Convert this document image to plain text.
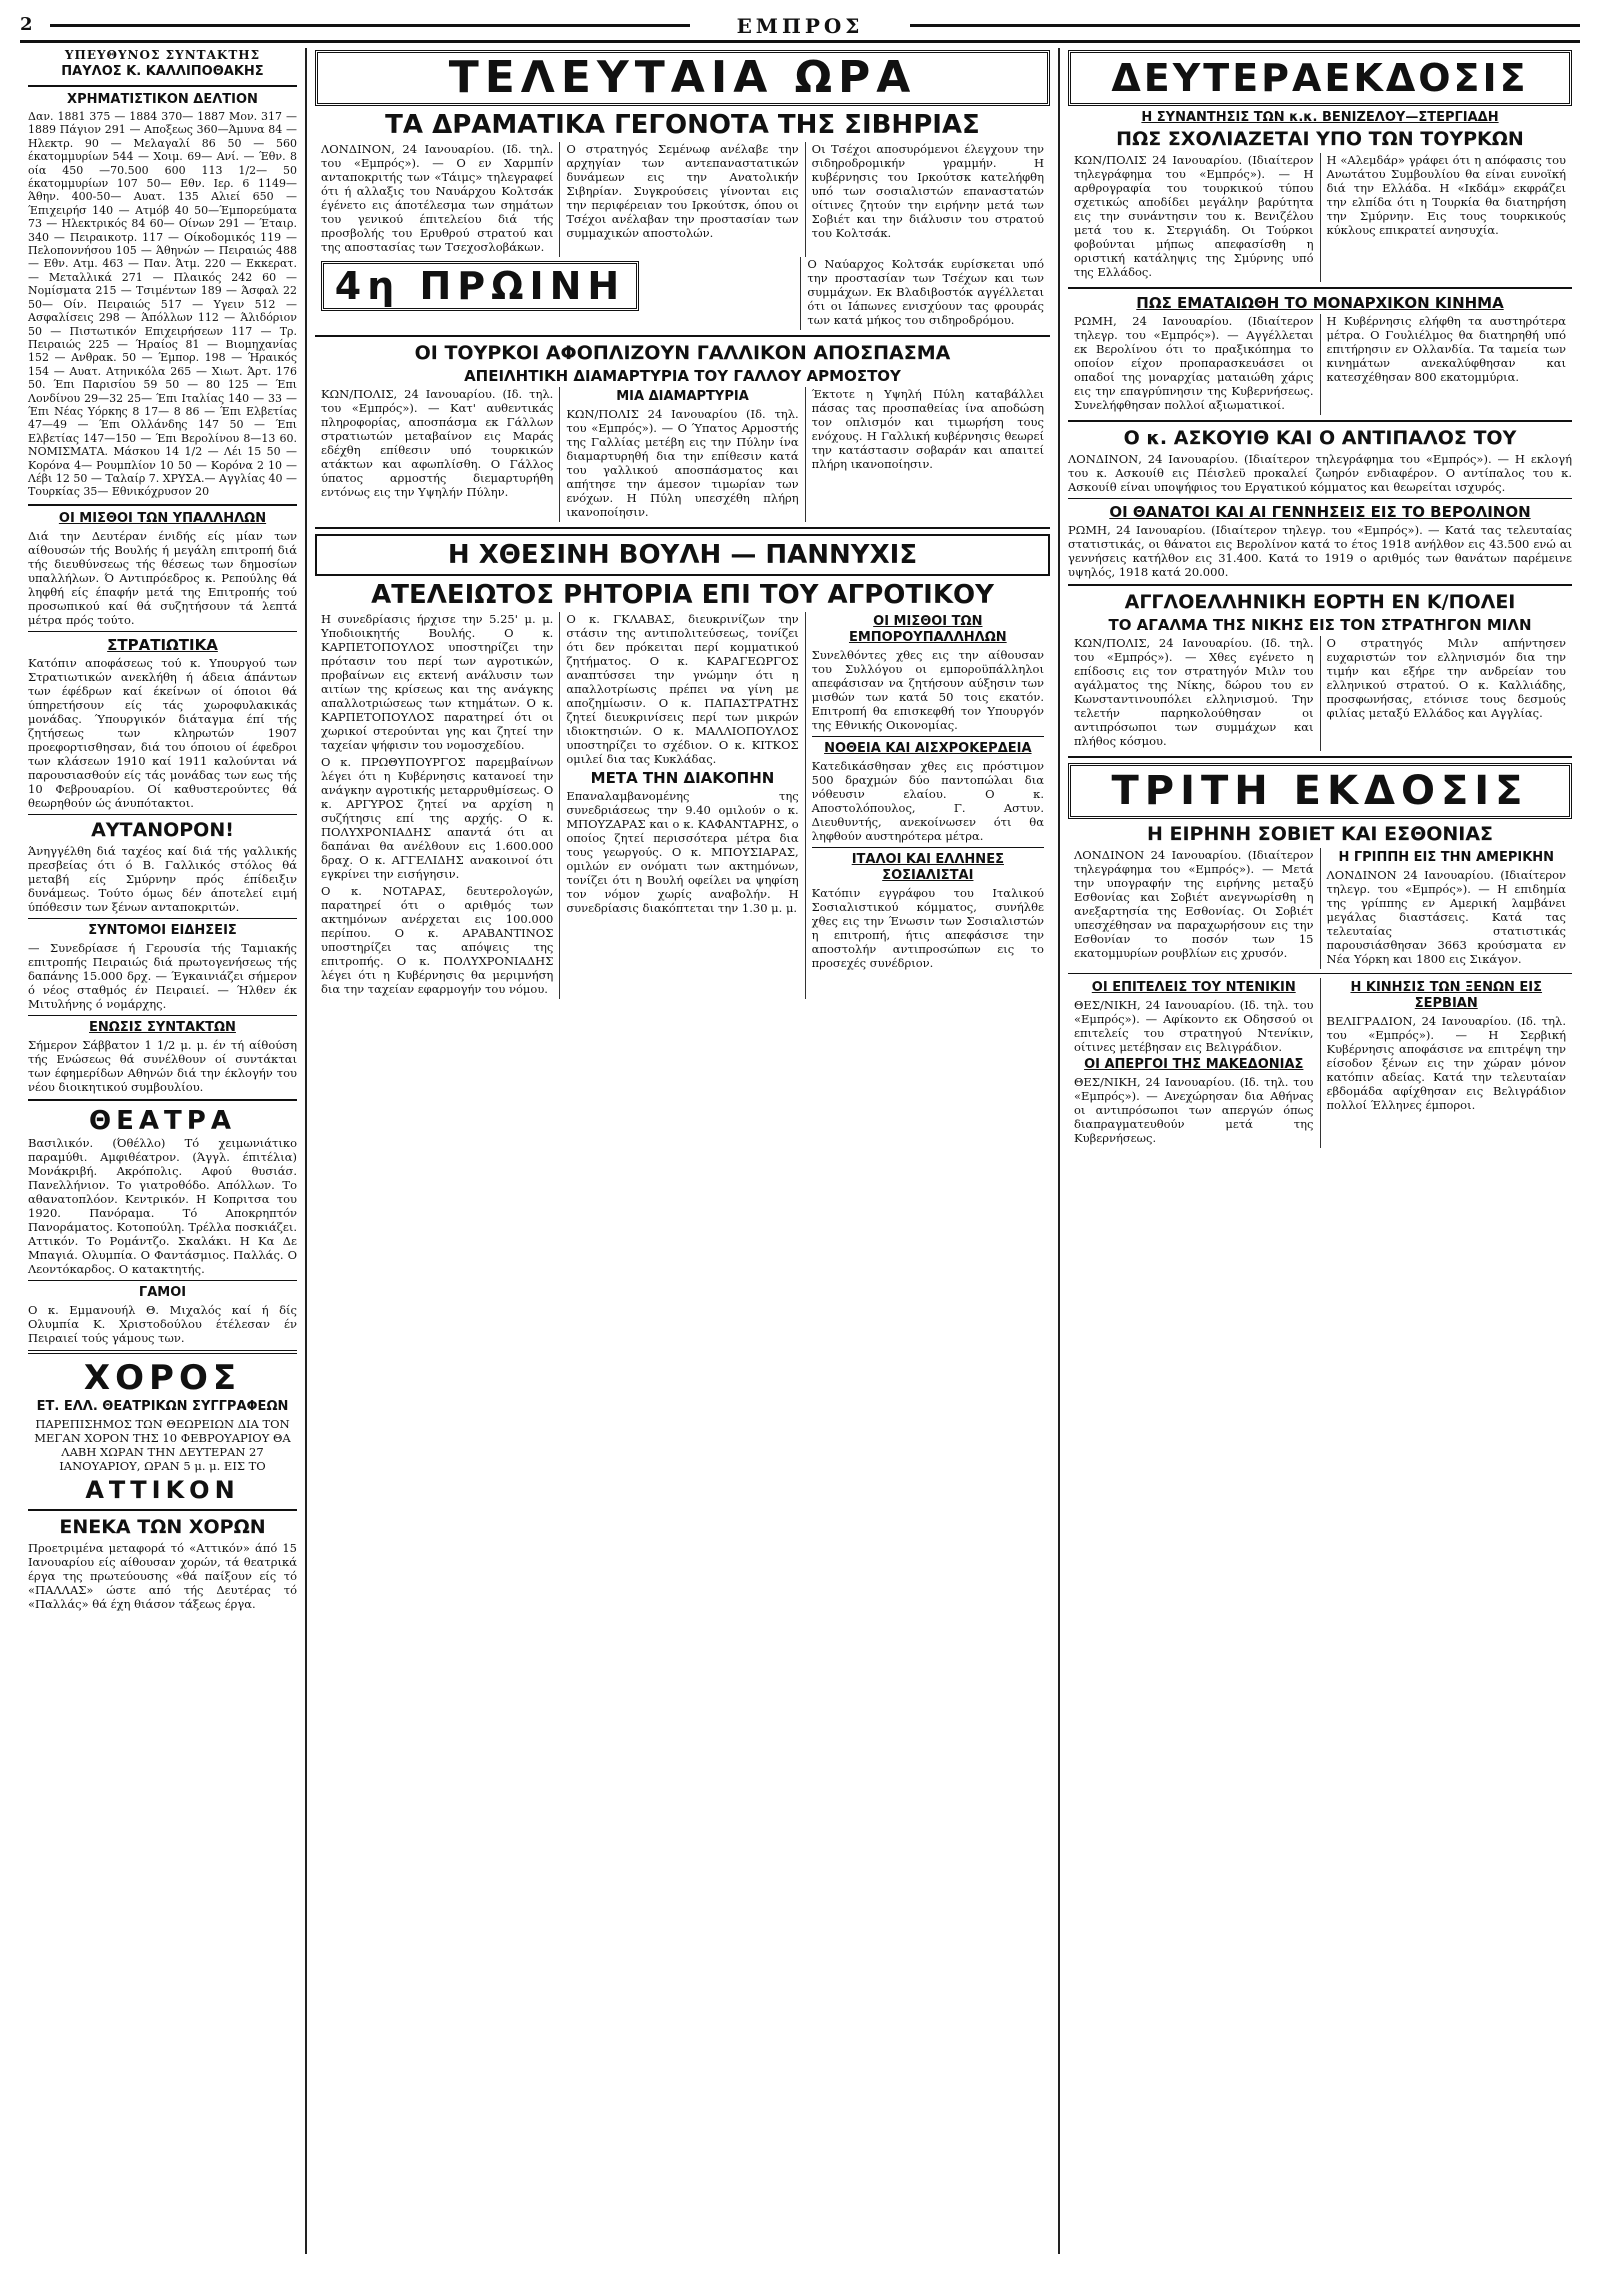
2	ΕΜΠΡΟΣ
ΥΠΕΥΘΥΝΟΣ ΣΥΝΤΑΚΤΗΣ
ΠΑΥΛΟΣ Κ. ΚΑΛΛΙΠΟΘΑΚΗΣ
ΧΡΗΜΑΤΙΣΤΙΚΟΝ ΔΕΛΤΙΟΝ

Δαν. 1881 375 — 1884 370— 1887 Μον. 317 — 1889 Πάγιον 291 — Αποξεως 360—Άμυνα 84 — Ηλεκτρ. 90 — Μελαγαλί 86 50 — 560 έκατομμυρίων 544 — Χοιμ. 69— Ανί. — Έθν. 8 οία 450 —70.500 600 113 1/2— 50 έκατομμυρίων 107 50— Εθν. Ιερ. 6 1149—Άθην. 400-50— Αυατ. 135 Αλιεί 650 — Έπιχειρήσ 140 — Ατμόβ 40 50—Έμπορεύματα 73 — Ηλεκτρικός 84 60— Οίνων 291 — Έταιρ. 340 — Πειραικοτρ. 117 — Οίκοδομικός 119 — Πελοποννήσου 105 — Άθηνών — Πειραιώς 488 — Εθν. Ατμ. 463 — Παν. Άτμ. 220 — Εκκερατ. — Μεταλλικά 271 — Πλαικός 242 60 — Νομίσματα 215 — Τσιμέντων 189 — Άσφαλ 22 50— Οίν. Πειραιώς 517 — Υγειν 512 — Ασφαλίσεις 298 — Άπόλλων 112 — Άλιδόριον 50 — Πιστωτικόν Επιχειρήσεων 117 — Τρ. Πειραιώς 225 — Ήραίος 81 — Βιομηχανίας 152 — Ανθρακ. 50 — Έμπορ. 198 — Ήραικός 154 — Αυατ. Ατηνικόλα 265 — Χιωτ. Άρτ. 176 50. Έπι Παρισίου 59 50 — 80 125 — Έπι Λονδίνου 29—32 25— Έπι Ιταλίας 140 — 33 — Έπι Νέας Υόρκης 8 17— 8 86 — Έπι Ελβετίας 47—49 — Έπι Ολλάνδης 147 50 — Έπι Ελβετίας 147—150 — Έπι Βερολίνου 8—13 60. ΝΟΜΙΣΜΑΤΑ. Μάσκου 14 1/2 — Λέι 15 50 — Κορόνα 4— Ρουμπλίον 10 50 — Κορόνα 2 10 — Λέβι 12 50 — Ταλαίρ 7. ΧΡΥΣΑ.— Αγγλίας 40 — Τουρκίας 35— Εθνικόχρυσον 20

ΟΙ ΜΙΣΘΟΙ ΤΩΝ ΥΠΑΛΛΗΛΩΝ

Διά την Δευτέραν ένιδής είς μίαν των αίθουσών τής Βουλής ή μεγάλη επιτροπή διά τής διευθύνσεως τής θέσεως των δημοσίων υπαλλήλων. Ό Αντιπρόεδρος κ. Ρεπούλης θά ληφθή είς έπαφήν μετά της Επιτροπής τού προσωπικού καί θά συζητήσουν τά λεπτά μέτρα πρός τούτο.

ΣΤΡΑΤΙΩΤΙΚΑ

Κατόπιν αποφάσεως τού κ. Υπουργού των Στρατιωτικών ανεκλήθη ή άδεια άπάντων των έφέδρων καί έκείνων οί όποιοι θά ύπηρετήσουν είς τάς χωροφυλακικάς μονάδας. Ύπουργικόν διάταγμα έπί τής ζητήσεως των κληρωτών 1907 προεφορτισθησαν, διά του όποιου οί έφεδροι των κλάσεων 1910 καί 1911 καλούνται νά παρουσιασθούν είς τάς μονάδας των εως τής 10 Φεβρουαρίου. Οί καθυστερούντες θά θεωρηθούν ώς άνυπότακτοι.

ΑΥΤΑΝΟΡΟΝ!

Άνηγγέλθη διά ταχέος καί διά τής γαλλικής πρεσβείας ότι ό Β. Γαλλικός στόλος θά μεταβή είς Σμύρνην πρός έπίδειξιν δυνάμεως. Τούτο όμως δέν άποτελεί ειμή ύπόθεσιν των ξένων ανταποκριτών.

ΣΥΝΤΟΜΟΙ ΕΙΔΗΣΕΙΣ

— Συνεδρίασε ή Γερουσία τής Ταμιακής επιτροπής Πειραιώς διά πρωτογενήσεως τής δαπάνης 15.000 δρχ. — Έγκαινιάζει σήμερον ό νέος σταθμός έν Πειραιεί. — Ήλθεν έκ Μιτυλήνης ό νομάρχης.

ΕΝΩΣΙΣ ΣΥΝΤΑΚΤΩΝ

Σήμερον Σάββατον 1 1/2 μ. μ. έν τή αίθούση τής Ενώσεως θά συνέλθουν οί συντάκται των έφημερίδων Αθηνών διά την έκλογήν του νέου διοικητικού συμβουλίου.

ΘΕΑΤΡΑ

Βασιλικόν. (Όθέλλο) Τό χειμωνιάτικο παραμύθι. Αμφιθέατρον. (Άγγλ. έπιτέλια) Μονάκριβή. Ακρόπολις. Αφού θυσιάσ. Πανελλήνιον. Το γιατροθόδο. Απόλλων. Το αθανατοπλόον. Κεντρικόν. Η Κοπριτσα του 1920. Πανόραμα. Τό Αποκρηπτόν Πανοράματος. Κοτοπούλη. Τρέλλα ποσκιάζει. Αττικόν. Το Ρομάντζο. Σκαλάκι. Η Κα Δε Μπαγιά. Ολυμπία. Ο Φαντάσμιος. Παλλάς. Ο Λεοντόκαρδος. Ο κατακτητής.

ΓΑΜΟΙ

Ο κ. Εμμανουήλ Θ. Μιχαλός καί ή δίς Ολυμπία Κ. Χριστοδούλου έτέλεσαν έν Πειραιεί τούς γάμους των.

ΧΟΡΟΣ
ΕΤ. ΕΛΛ. ΘΕΑΤΡΙΚΩΝ ΣΥΓΓΡΑΦΕΩΝ

ΠΑΡΕΠΙΣΗΜΟΣ ΤΩΝ ΘΕΩΡΕΙΩΝ ΔΙΑ ΤΟΝ ΜΕΓΑΝ ΧΟΡΟΝ ΤΗΣ 10 ΦΕΒΡΟΥΑΡΙΟΥ ΘΑ ΛΑΒΗ ΧΩΡΑΝ ΤΗΝ ΔΕΥΤΕΡΑΝ 27 ΙΑΝΟΥΑΡΙΟΥ, ΩΡΑΝ 5 μ. μ. ΕΙΣ ΤΟ

ΑΤΤΙΚΟΝ
ΕΝΕΚΑ ΤΩΝ ΧΟΡΩΝ

Προετριμένα μεταφορά τό «Αττικόν» άπό 15 Ιανουαρίου είς αίθουσαν χορών, τά θεατρικά έργα της πρωτεύουσης «θά παίξουν είς τό «ΠΑΛΛΑΣ» ώστε από τής Δευτέρας τό «Παλλάς» θά έχη θιάσον τάξεως έργα.

ΤΕΛΕΥΤΑΙΑ ΩΡΑ
ΤΑ ΔΡΑΜΑΤΙΚΑ ΓΕΓΟΝΟΤΑ ΤΗΣ ΣΙΒΗΡΙΑΣ

ΛΟΝΔΙΝΟΝ, 24 Ιανουαρίου. (Ιδ. τηλ. του «Εμπρός»). — Ο εν Χαρμπίν ανταποκριτής των «Τάιμς» τηλεγραφεί ότι ή αλλαξις του Ναυάρχου Κολτσάκ έγένετο εις άποτέλεσμα των σημάτων του γενικού έπιτελείου διά τής προσβολής του Ερυθρού στρατού και της αποστασίας των Τσεχοσλοβάκων.

Ο στρατηγός Σεμένωφ ανέλαβε την αρχηγίαν των αντεπαναστατικών δυνάμεων εις την Ανατολικήν Σιβηρίαν. Συγκρούσεις γίνονται εις την περιφέρειαν του Ιρκούτσκ, όπου οι Τσέχοι ανέλαβαν την προστασίαν των συμμαχικών αποστολών.

Οι Τσέχοι αποσυρόμενοι έλεγχουν την σιδηροδρομικήν γραμμήν. Η κυβέρνησις του Ιρκούτσκ κατελήφθη υπό των σοσιαλιστών επαναστατών οίτινες ζητούν την ειρήνην μετά των Σοβιέτ και την διάλυσιν του στρατού του Κολτσάκ.

4η ΠΡΩΙΝΗ	Ο Ναύαρχος Κολτσάκ ευρίσκεται υπό την προστασίαν των Τσέχων και των συμμάχων. Εκ Βλαδιβοστόκ αγγέλλεται ότι οι Ιάπωνες ενισχύουν τας φρουράς των κατά μήκος του σιδηροδρόμου.

ΟΙ ΤΟΥΡΚΟΙ ΑΦΟΠΛΙΖΟΥΝ ΓΑΛΛΙΚΟΝ ΑΠΟΣΠΑΣΜΑ
ΑΠΕΙΛΗΤΙΚΗ ΔΙΑΜΑΡΤΥΡΙΑ ΤΟΥ ΓΑΛΛΟΥ ΑΡΜΟΣΤΟΥ

ΚΩΝ/ΠΟΛΙΣ, 24 Ιανουαρίου. (Ιδ. τηλ. του «Εμπρός»). — Κατ' αυθεντικάς πληροφορίας, αποσπάσμα εκ Γάλλων στρατιωτών μεταβαίνον εις Μαράς εδέχθη επίθεσιν υπό τουρκικών ατάκτων και αφωπλίσθη. Ο Γάλλος ύπατος αρμοστής διεμαρτυρήθη εντόνως εις την Υψηλήν Πύλην.

ΜΙΑ ΔΙΑΜΑΡΤΥΡΙΑ

ΚΩΝ/ΠΟΛΙΣ 24 Ιανουαρίου (Ιδ. τηλ. του «Εμπρός»). — Ο Ύπατος Αρμοστής της Γαλλίας μετέβη εις την Πύλην ίνα διαμαρτυρηθή δια την επίθεσιν κατά του γαλλικού αποσπάσματος και απήτησε την άμεσον τιμωρίαν των ενόχων. Η Πύλη υπεσχέθη πλήρη ικανοποίησιν.

Έκτοτε η Υψηλή Πύλη καταβάλλει πάσας τας προσπαθείας ίνα αποδώση τον οπλισμόν και τιμωρήση τους ενόχους. Η Γαλλική κυβέρνησις θεωρεί την κατάστασιν σοβαράν και απαιτεί πλήρη ικανοποίησιν.

Η ΧΘΕΣΙΝΗ ΒΟΥΛΗ — ΠΑΝΝΥΧΙΣ
ΑΤΕΛΕΙΩΤΟΣ ΡΗΤΟΡΙΑ ΕΠΙ ΤΟΥ ΑΓΡΟΤΙΚΟΥ

Η συνεδρίασις ήρχισε την 5.25' μ. μ. Υποδιοικητής Βουλής. Ο κ. ΚΑΡΠΕΤΟΠΟΥΛΟΣ υποστηρίζει την πρότασιν του περί των αγροτικών, προβαίνων εις εκτενή ανάλυσιν των αιτίων της κρίσεως και της ανάγκης απαλλοτριώσεως των κτημάτων. Ο κ. ΚΑΡΠΕΤΟΠΟΥΛΟΣ παρατηρεί ότι οι χωρικοί στερούνται γης και ζητεί την ταχείαν ψήφισιν του νομοσχεδίου.

Ο κ. ΠΡΩΘΥΠΟΥΡΓΟΣ παρεμβαίνων λέγει ότι η Κυβέρνησις κατανοεί την ανάγκην αγροτικής μεταρρυθμίσεως. Ο κ. ΑΡΓΥΡΟΣ ζητεί να αρχίση η συζήτησις επί της αρχής. Ο κ. ΠΟΛΥΧΡΟΝΙΑΔΗΣ απαντά ότι αι δαπάναι θα ανέλθουν εις 1.600.000 δραχ. Ο κ. ΑΓΓΕΛΙΔΗΣ ανακοινοί ότι εγκρίνει την εισήγησιν.

Ο κ. ΝΟΤΑΡΑΣ, δευτερολογών, παρατηρεί ότι ο αριθμός των ακτημόνων ανέρχεται εις 100.000 περίπου. Ο κ. ΑΡΑΒΑΝΤΙΝΟΣ υποστηρίζει τας απόψεις της επιτροπής. Ο κ. ΠΟΛΥΧΡΟΝΙΑΔΗΣ λέγει ότι η Κυβέρνησις θα μεριμνήση δια την ταχείαν εφαρμογήν του νόμου.

Ο κ. ΓΚΛΑΒΑΣ, διευκρινίζων την στάσιν της αντιπολιτεύσεως, τονίζει ότι δεν πρόκειται περί κομματικού ζητήματος. Ο κ. ΚΑΡΑΓΕΩΡΓΟΣ αναπτύσσει την γνώμην ότι η απαλλοτρίωσις πρέπει να γίνη με αποζημίωσιν. Ο κ. ΠΑΠΑΣΤΡΑΤΗΣ ζητεί διευκρινίσεις περί των μικρών ιδιοκτησιών. Ο κ. ΜΑΛΛΙΟΠΟΥΛΟΣ υποστηρίζει το σχέδιον. Ο κ. ΚΙΤΚΟΣ ομιλεί δια τας Κυκλάδας.

ΜΕΤΑ ΤΗΝ ΔΙΑΚΟΠΗΝ

Επαναλαμβανομένης της συνεδριάσεως την 9.40 ομιλούν ο κ. ΜΠΟΥΖΑΡΑΣ και ο κ. ΚΑΦΑΝΤΑΡΗΣ, ο οποίος ζητεί περισσότερα μέτρα δια τους γεωργούς. Ο κ. ΜΠΟΥΣΙΑΡΑΣ, ομιλών εν ονόματι των ακτημόνων, τονίζει ότι η Βουλή οφείλει να ψηφίση τον νόμον χωρίς αναβολήν. Η συνεδρίασις διακόπτεται την 1.30 μ. μ.

ΟΙ ΜΙΣΘΟΙ ΤΩΝ ΕΜΠΟΡΟΥΠΑΛΛΗΛΩΝ

Συνελθόντες χθες εις την αίθουσαν του Συλλόγου οι εμποροϋπάλληλοι απεφάσισαν να ζητήσουν αύξησιν των μισθών των κατά 50 τοις εκατόν. Επιτροπή θα επισκεφθή τον Υπουργόν της Εθνικής Οικονομίας.

ΝΟΘΕΙΑ ΚΑΙ ΑΙΣΧΡΟΚΕΡΔΕΙΑ

Κατεδικάσθησαν χθες εις πρόστιμον 500 δραχμών δύο παντοπώλαι δια νόθευσιν ελαίου. Ο κ. Αποστολόπουλος, Γ. Αστυν. Διευθυντής, ανεκοίνωσεν ότι θα ληφθούν αυστηρότερα μέτρα.

ΙΤΑΛΟΙ ΚΑΙ ΕΛΛΗΝΕΣ ΣΟΣΙΑΛΙΣΤΑΙ

Κατόπιν εγγράφου του Ιταλικού Σοσιαλιστικού κόμματος, συνήλθε χθες εις την Ένωσιν των Σοσιαλιστών η επιτροπή, ήτις απεφάσισε την αποστολήν αντιπροσώπων εις το προσεχές συνέδριον.

ΔΕΥΤΕΡΑΕΚΔΟΣΙΣ
Η ΣΥΝΑΝΤΗΣΙΣ ΤΩΝ κ.κ. ΒΕΝΙΖΕΛΟΥ—ΣΤΕΡΓΙΑΔΗ
ΠΩΣ ΣΧΟΛΙΑΖΕΤΑΙ ΥΠΟ ΤΩΝ ΤΟΥΡΚΩΝ

ΚΩΝ/ΠΟΛΙΣ 24 Ιανουαρίου. (Ιδιαίτερον τηλεγράφημα του «Εμπρός»). — Η αρθρογραφία του τουρκικού τύπου σχετικώς αποδίδει μεγάλην βαρύτητα εις την συνάντησιν του κ. Βενιζέλου μετά του κ. Στεργιάδη. Οι Τούρκοι φοβούνται μήπως απεφασίσθη η οριστική κατάληψις της Σμύρνης υπό της Ελλάδος.

Η «Αλεμδάρ» γράφει ότι η απόφασις του Ανωτάτου Συμβουλίου θα είναι ευνοϊκή διά την Ελλάδα. Η «Ικδάμ» εκφράζει την ελπίδα ότι η Τουρκία θα διατηρήση την Σμύρνην. Εις τους τουρκικούς κύκλους επικρατεί ανησυχία.

ΠΩΣ ΕΜΑΤΑΙΩΘΗ ΤΟ ΜΟΝΑΡΧΙΚΟΝ ΚΙΝΗΜΑ

ΡΩΜΗ, 24 Ιανουαρίου. (Ιδιαίτερον τηλεγρ. του «Εμπρός»). — Αγγέλλεται εκ Βερολίνου ότι το πραξικόπημα το οποίον είχον προπαρασκευάσει οι οπαδοί της μοναρχίας ματαιώθη χάρις εις την επαγρύπνησιν της Κυβερνήσεως. Συνελήφθησαν πολλοί αξιωματικοί.

Η Κυβέρνησις ελήφθη τα αυστηρότερα μέτρα. Ο Γουλιέλμος θα διατηρηθή υπό επιτήρησιν εν Ολλανδία. Τα ταμεία των κινημάτων ανεκαλύφθησαν και κατεσχέθησαν 800 εκατομμύρια.

Ο κ. ΑΣΚΟΥΙΘ ΚΑΙ Ο ΑΝΤΙΠΑΛΟΣ ΤΟΥ

ΛΟΝΔΙΝΟΝ, 24 Ιανουαρίου. (Ιδιαίτερον τηλεγράφημα του «Εμπρός»). — Η εκλογή του κ. Ασκουίθ εις Πέισλεϋ προκαλεί ζωηρόν ενδιαφέρον. Ο αντίπαλος του κ. Ασκουίθ είναι υποψήφιος του Εργατικού κόμματος και θεωρείται ισχυρός.

ΟΙ ΘΑΝΑΤΟΙ ΚΑΙ ΑΙ ΓΕΝΝΗΣΕΙΣ ΕΙΣ ΤΟ ΒΕΡΟΛΙΝΟΝ

ΡΩΜΗ, 24 Ιανουαρίου. (Ιδιαίτερον τηλεγρ. του «Εμπρός»). — Κατά τας τελευταίας στατιστικάς, οι θάνατοι εις Βερολίνον κατά το έτος 1918 ανήλθον εις 43.500 ενώ αι γεννήσεις κατήλθον εις 31.400. Κατά το 1919 ο αριθμός των θανάτων παρέμεινε υψηλός, 1918 κατά 20.000.

ΑΓΓΛΟΕΛΛΗΝΙΚΗ ΕΟΡΤΗ ΕΝ Κ/ΠΟΛΕΙ
ΤΟ ΑΓΑΛΜΑ ΤΗΣ ΝΙΚΗΣ ΕΙΣ ΤΟΝ ΣΤΡΑΤΗΓΟΝ ΜΙΛΝ

ΚΩΝ/ΠΟΛΙΣ, 24 Ιανουαρίου. (Ιδ. τηλ. του «Εμπρός»). — Χθες εγένετο η επίδοσις εις τον στρατηγόν Μιλν του αγάλματος της Νίκης, δώρου του εν Κωνσταντινουπόλει ελληνισμού. Την τελετήν παρηκολούθησαν οι αντιπρόσωποι των συμμάχων και πλήθος κόσμου.

Ο στρατηγός Μιλν απήντησεν ευχαριστών τον ελληνισμόν δια την τιμήν και εξήρε την ανδρείαν του ελληνικού στρατού. Ο κ. Καλλιάδης, προσφωνήσας, ετόνισε τους δεσμούς φιλίας μεταξύ Ελλάδος και Αγγλίας.

ΤΡΙΤΗ ΕΚΔΟΣΙΣ
Η ΕΙΡΗΝΗ ΣΟΒΙΕΤ ΚΑΙ ΕΣΘΟΝΙΑΣ

ΛΟΝΔΙΝΟΝ 24 Ιανουαρίου. (Ιδιαίτερον τηλεγράφημα του «Εμπρός»). — Μετά την υπογραφήν της ειρήνης μεταξύ Εσθονίας και Σοβιέτ ανεγνωρίσθη η ανεξαρτησία της Εσθονίας. Οι Σοβιέτ υπεσχέθησαν να παραχωρήσουν εις την Εσθονίαν το ποσόν των 15 εκατομμυρίων ρουβλίων εις χρυσόν.

Η ΓΡΙΠΠΗ ΕΙΣ ΤΗΝ ΑΜΕΡΙΚΗΝ

ΛΟΝΔΙΝΟΝ 24 Ιανουαρίου. (Ιδιαίτερον τηλεγρ. του «Εμπρός»). — Η επιδημία της γρίππης εν Αμερική λαμβάνει μεγάλας διαστάσεις. Κατά τας τελευταίας στατιστικάς παρουσιάσθησαν 3663 κρούσματα εν Νέα Υόρκη και 1800 εις Σικάγον.

ΟΙ ΕΠΙΤΕΛΕΙΣ ΤΟΥ ΝΤΕΝΙΚΙΝ

ΘΕΣ/ΝΙΚΗ, 24 Ιανουαρίου. (Ιδ. τηλ. του «Εμπρός»). — Αφίκοντο εκ Οδησσού οι επιτελείς του στρατηγού Ντενίκιν, οίτινες μετέβησαν εις Βελιγράδιον.

ΟΙ ΑΠΕΡΓΟΙ ΤΗΣ ΜΑΚΕΔΟΝΙΑΣ

ΘΕΣ/ΝΙΚΗ, 24 Ιανουαρίου. (Ιδ. τηλ. του «Εμπρός»). — Ανεχώρησαν δια Αθήνας οι αντιπρόσωποι των απεργών όπως διαπραγματευθούν μετά της Κυβερνήσεως.

Η ΚΙΝΗΣΙΣ ΤΩΝ ΞΕΝΩΝ ΕΙΣ ΣΕΡΒΙΑΝ

ΒΕΛΙΓΡΑΔΙΟΝ, 24 Ιανουαρίου. (Ιδ. τηλ. του «Εμπρός»). — Η Σερβική Κυβέρνησις αποφάσισε να επιτρέψη την είσοδον ξένων εις την χώραν μόνον κατόπιν αδείας. Κατά την τελευταίαν εβδομάδα αφίχθησαν εις Βελιγράδιον πολλοί Έλληνες έμποροι.
